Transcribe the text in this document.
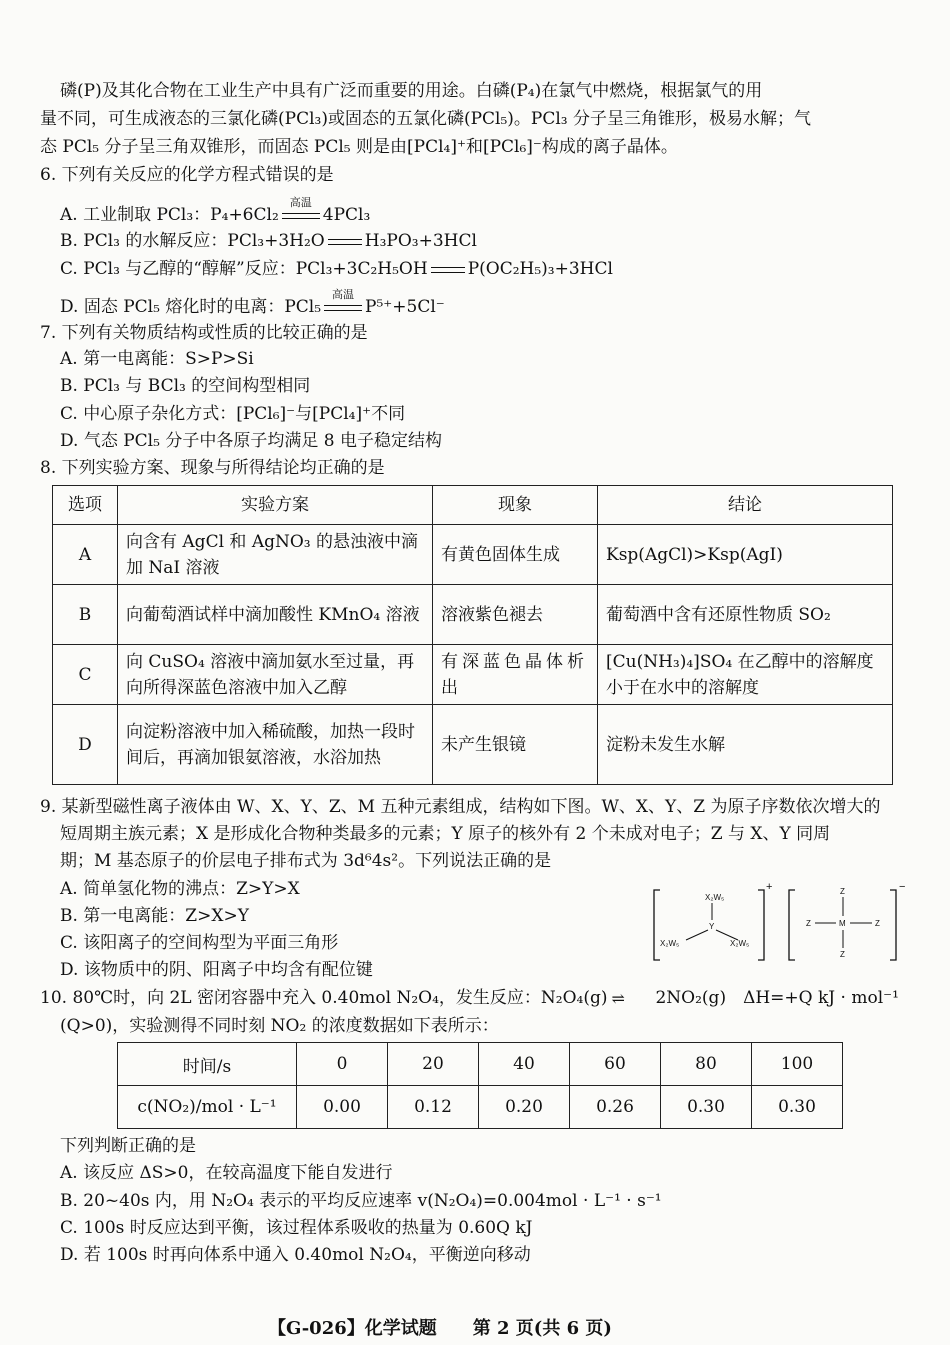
磷(P)及其化合物在工业生产中具有广泛而重要的用途。白磷(P₄)在氯气中燃烧，根据氯气的用
量不同，可生成液态的三氯化磷(PCl₃)或固态的五氯化磷(PCl₅)。PCl₃ 分子呈三角锥形，极易水解；气
态 PCl₅ 分子呈三角双锥形，而固态 PCl₅ 则是由[PCl₄]⁺和[PCl₆]⁻构成的离子晶体。
6. 下列有关反应的化学方程式错误的是
A. 工业制取 PCl₃：P₄+6Cl₂
高温
4PCl₃
B. PCl₃ 的水解反应：PCl₃+3H₂O H₃PO₃+3HCl
C. PCl₃ 与乙醇的“醇解”反应：PCl₃+3C₂H₅OH P(OC₂H₅)₃+3HCl
D. 固态 PCl₅ 熔化时的电离：PCl₅
高温
P⁵⁺+5Cl⁻
7. 下列有关物质结构或性质的比较正确的是
A. 第一电离能：S>P>Si
B. PCl₃ 与 BCl₃ 的空间构型相同
C. 中心原子杂化方式：[PCl₆]⁻与[PCl₄]⁺不同
D. 气态 PCl₅ 分子中各原子均满足 8 电子稳定结构
8. 下列实验方案、现象与所得结论均正确的是
选项	实验方案	现象	结论
A	向含有 AgCl 和 AgNO₃ 的悬浊液中滴加 NaI 溶液	有黄色固体生成	Ksp(AgCl)>Ksp(AgI)
B	向葡萄酒试样中滴加酸性 KMnO₄ 溶液	溶液紫色褪去	葡萄酒中含有还原性物质 SO₂
C	向 CuSO₄ 溶液中滴加氨水至过量，再向所得深蓝色溶液中加入乙醇	有深蓝色晶体析出	[Cu(NH₃)₄]SO₄ 在乙醇中的溶解度小于在水中的溶解度
D	向淀粉溶液中加入稀硫酸，加热一段时间后，再滴加银氨溶液，水浴加热	未产生银镜	淀粉未发生水解
9. 某新型磁性离子液体由 W、X、Y、Z、M 五种元素组成，结构如下图。W、X、Y、Z 为原子序数依次增大的
短周期主族元素；X 是形成化合物种类最多的元素；Y 原子的核外有 2 个未成对电子；Z 与 X、Y 同周
期；M 基态原子的价层电子排布式为 3d⁶4s²。下列说法正确的是
A. 简单氢化物的沸点：Z>Y>X
B. 第一电离能：Z>X>Y
C. 该阳离子的空间构型为平面三角形
D. 该物质中的阴、阳离子中均含有配位键
+
X₂W₅
Y
X₂W₅	X₂W₅
−
Z
M
Z	Z
Z
10. 80℃时，向 2L 密闭容器中充入 0.40mol N₂O₄，发生反应：N₂O₄(g) ⇌ 2NO₂(g)　ΔH=+Q kJ · mol⁻¹
(Q>0)，实验测得不同时刻 NO₂ 的浓度数据如下表所示：
时间/s	0	20	40	60	80	100
c(NO₂)/mol · L⁻¹	0.00	0.12	0.20	0.26	0.30	0.30
下列判断正确的是
A. 该反应 ΔS>0，在较高温度下能自发进行
B. 20~40s 内，用 N₂O₄ 表示的平均反应速率 v(N₂O₄)=0.004mol · L⁻¹ · s⁻¹
C. 100s 时反应达到平衡，该过程体系吸收的热量为 0.60Q kJ
D. 若 100s 时再向体系中通入 0.40mol N₂O₄，平衡逆向移动
【G-026】化学试题　　第 2 页(共 6 页)
